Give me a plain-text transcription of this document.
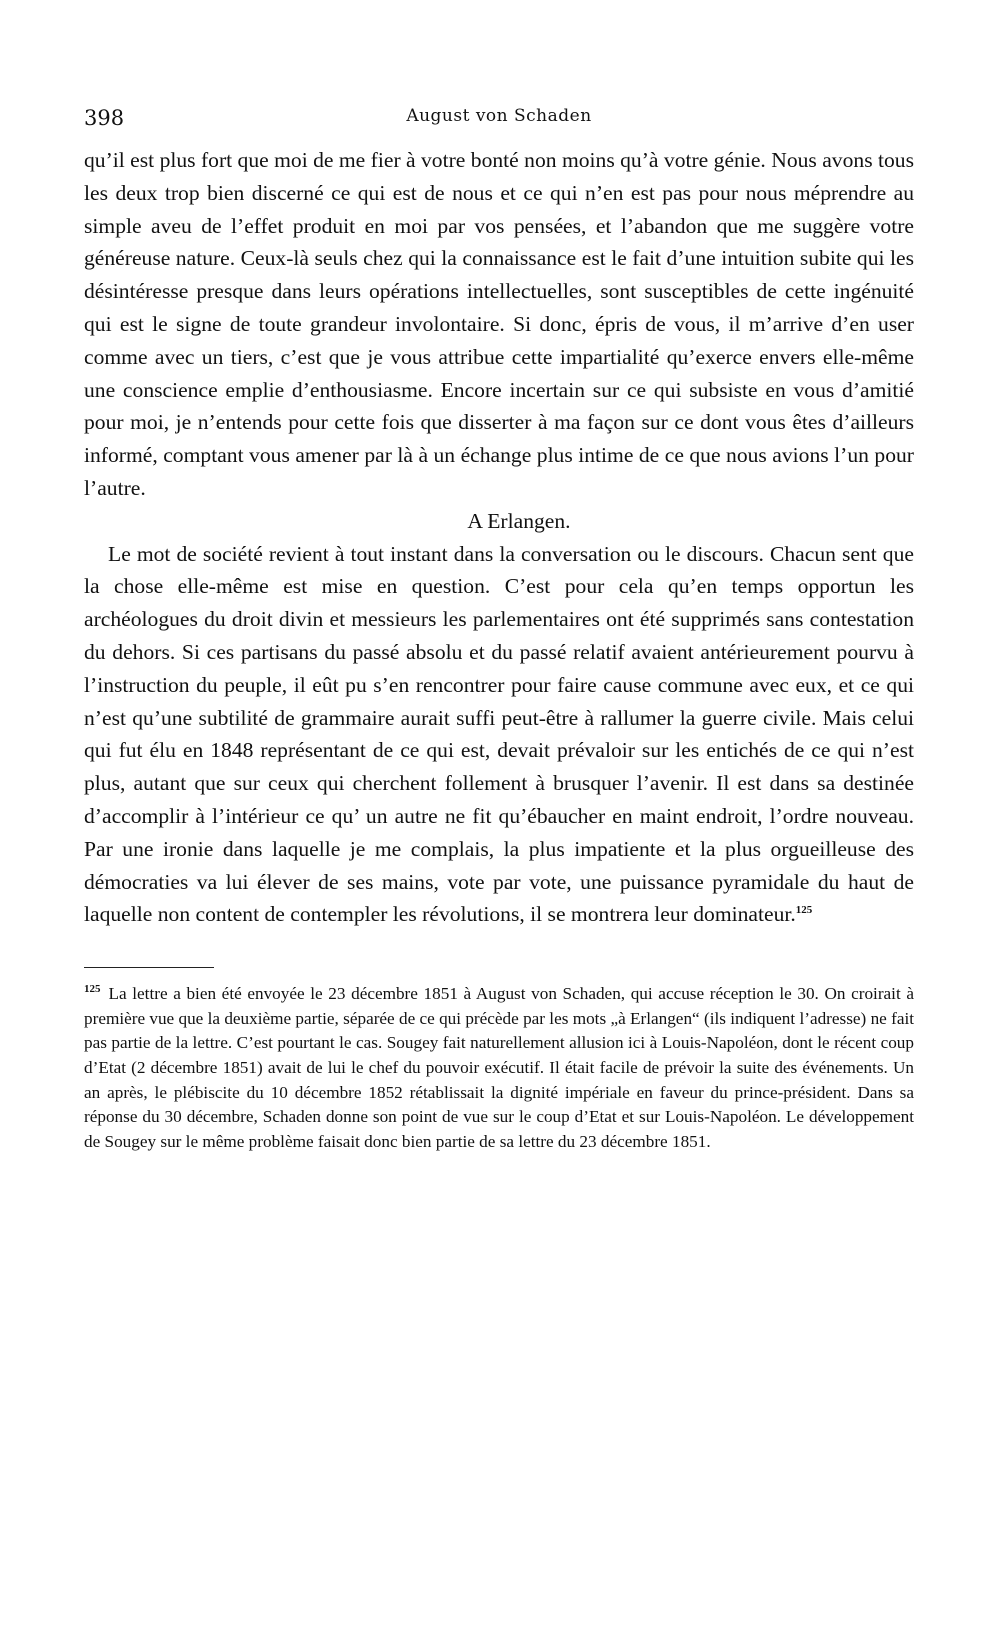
398	August von Schaden

qu’il est plus fort que moi de me fier à votre bonté non moins qu’à votre génie. Nous avons tous les deux trop bien discerné ce qui est de nous et ce qui n’en est pas pour nous méprendre au simple aveu de l’effet produit en moi par vos pensées, et l’abandon que me suggère votre généreuse nature. Ceux-là seuls chez qui la connaissance est le fait d’une intuition subite qui les désintéresse presque dans leurs opérations intellectuelles, sont susceptibles de cette ingénuité qui est le signe de toute grandeur involontaire. Si donc, épris de vous, il m’arrive d’en user comme avec un tiers, c’est que je vous attribue cette impartialité qu’exerce envers elle-même une conscience emplie d’enthousiasme. Encore incertain sur ce qui subsiste en vous d’amitié pour moi, je n’entends pour cette fois que disserter à ma façon sur ce dont vous êtes d’ailleurs informé, comptant vous amener par là à un échange plus intime de ce que nous avions l’un pour l’autre.

A Erlangen.

Le mot de société revient à tout instant dans la conversation ou le discours. Chacun sent que la chose elle-même est mise en question. C’est pour cela qu’en temps opportun les archéologues du droit divin et messieurs les parlementaires ont été supprimés sans contestation du dehors. Si ces partisans du passé absolu et du passé relatif avaient antérieurement pourvu à l’instruction du peuple, il eût pu s’en rencontrer pour faire cause commune avec eux, et ce qui n’est qu’une subtilité de grammaire aurait suffi peut-être à rallumer la guerre civile. Mais celui qui fut élu en 1848 représentant de ce qui est, devait prévaloir sur les entichés de ce qui n’est plus, autant que sur ceux qui cherchent follement à brusquer l’avenir. Il est dans sa destinée d’accomplir à l’intérieur ce qu’ un autre ne fit qu’ébaucher en maint endroit, l’ordre nouveau. Par une ironie dans laquelle je me complais, la plus impatiente et la plus orgueilleuse des démocraties va lui élever de ses mains, vote par vote, une puissance pyramidale du haut de laquelle non content de contempler les révolutions, il se montrera leur dominateur.$^{125}$

$^{125}$ La lettre a bien été envoyée le 23 décembre 1851 à August von Schaden, qui accuse réception le 30. On croirait à première vue que la deuxième partie, séparée de ce qui précède par les mots „à Erlangen“ (ils indiquent l’adresse) ne fait pas partie de la lettre. C’est pourtant le cas. Sougey fait naturellement allusion ici à Louis-Napoléon, dont le récent coup d’Etat (2 décembre 1851) avait de lui le chef du pouvoir exécutif. Il était facile de prévoir la suite des événements. Un an après, le plébiscite du 10 décembre 1852 rétablissait la dignité impériale en faveur du prince-président. Dans sa réponse du 30 décembre, Schaden donne son point de vue sur le coup d’Etat et sur Louis-Napoléon. Le développement de Sougey sur le même problème faisait donc bien partie de sa lettre du 23 décembre 1851.
